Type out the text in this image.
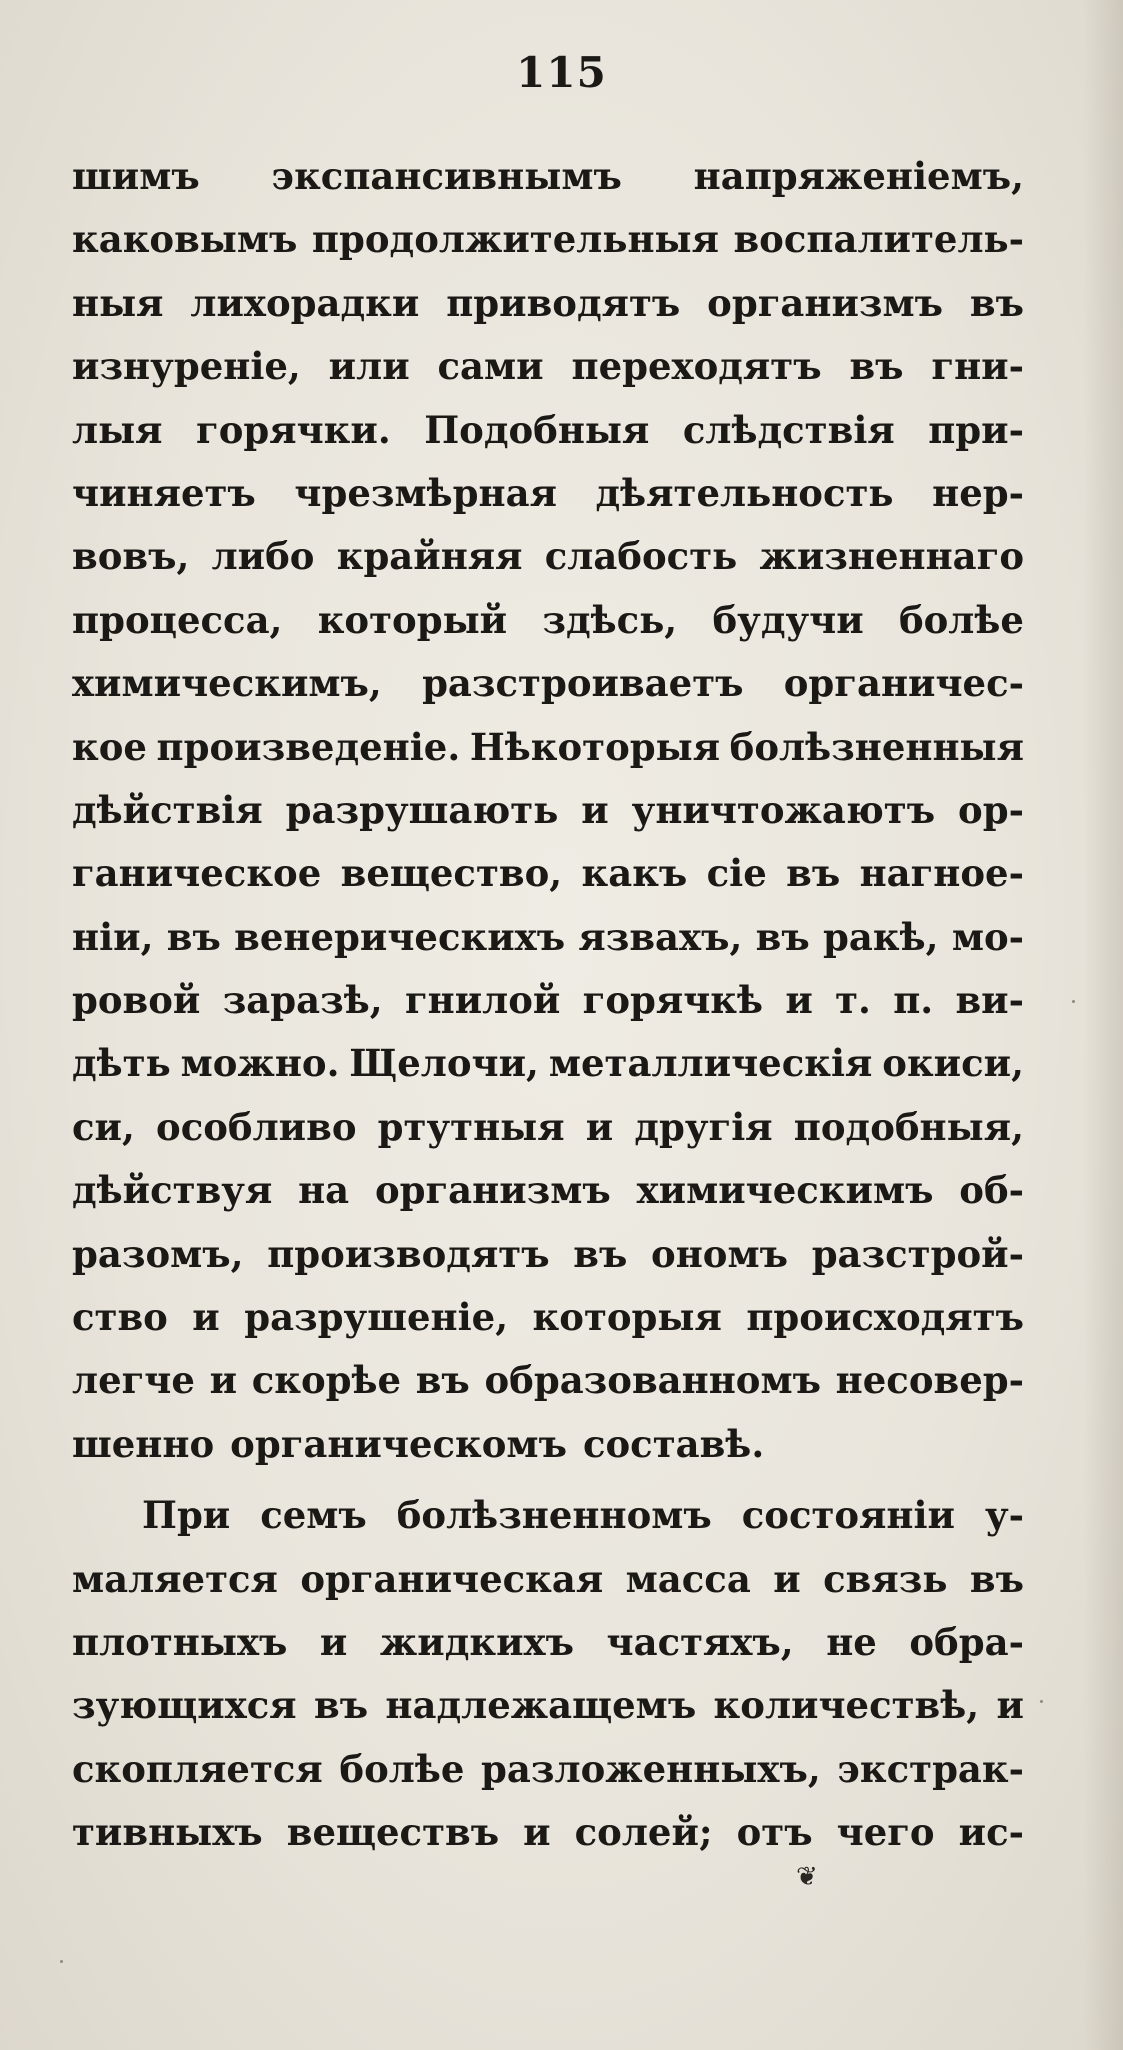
115
шимъ экспансивнымъ напряженiемъ,
каковымъ продолжительныя воспалитель-
ныя лихорадки приводятъ организмъ въ
изнуренiе, или сами переходятъ въ гни-
лыя горячки. Подобныя слѣдствiя при-
чиняетъ чрезмѣрная дѣятельность нер-
вовъ, либо крайняя слабость жизненнаго
процесса, который здѣсь, будучи болѣе
химическимъ, разстроиваетъ органичес-
кое произведенiе. Нѣкоторыя болѣзненныя
дѣйствiя разрушають и уничтожаютъ ор-
ганическое вещество, какъ сiе въ нагное-
нiи, въ венерическихъ язвахъ, въ ракѣ, мо-
ровой заразѣ, гнилой горячкѣ и т. п. ви-
дѣть можно. Щелочи, металлическiя окиси,
си, особливо ртутныя и другiя подобныя,
дѣйствуя на организмъ химическимъ об-
разомъ, производятъ въ ономъ разстрой-
ство и разрушенiе, которыя происходятъ
легче и скорѣе въ образованномъ несовер-
шенно органическомъ составѣ.
При семъ болѣзненномъ состоянiи у-
маляется органическая масса и связь въ
плотныхъ и жидкихъ частяхъ, не обра-
зующихся въ надлежащемъ количествѣ, и
скопляется болѣе разложенныхъ, экстрак-
тивныхъ веществъ и солей; отъ чего ис-
❦
